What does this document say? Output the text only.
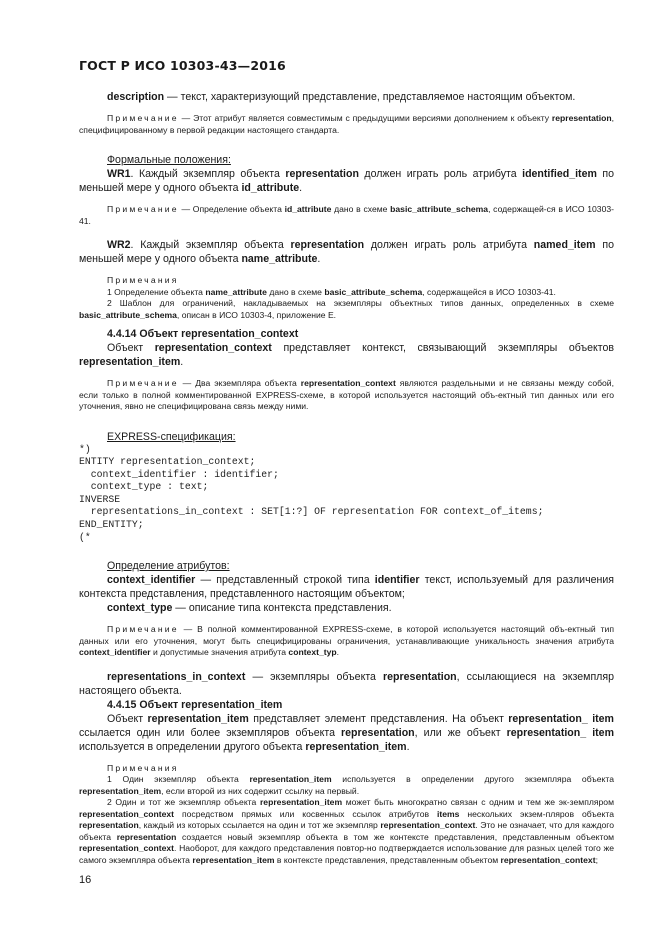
ГОСТ Р ИСО 10303-43—2016

description — текст, характеризующий представление, представляемое настоящим объектом.

Примечание — Этот атрибут является совместимым с предыдущими версиями дополнением к объекту representation, специфицированному в первой редакции настоящего стандарта.

Формальные положения:

WR1. Каждый экземпляр объекта representation должен играть роль атрибута identified_item по меньшей мере у одного объекта id_attribute.

Примечание — Определение объекта id_attribute дано в схеме basic_attribute_schema, содержащей-ся в ИСО 10303-41.

WR2. Каждый экземпляр объекта representation должен играть роль атрибута named_item по меньшей мере у одного объекта name_attribute.

Примечания

1 Определение объекта name_attribute дано в схеме basic_attribute_schema, содержащейся в ИСО 10303-41.

2 Шаблон для ограничений, накладываемых на экземпляры объектных типов данных, определенных в схеме basic_attribute_schema, описан в ИСО 10303-4, приложение Е.

4.4.14 Объект representation_context

Объект representation_context представляет контекст, связывающий экземпляры объектов representation_item.

Примечание — Два экземпляра объекта representation_context являются раздельными и не связаны между собой, если только в полной комментированной EXPRESS-схеме, в которой используется настоящий объ-ектный тип данных или его уточнения, явно не специфицирована связь между ними.

EXPRESS-спецификация:

*)
ENTITY representation_context;
context_identifier : identifier;
context_type : text;
INVERSE
representations_in_context : SET[1:?] OF representation FOR context_of_items;
END_ENTITY;
(*

Определение атрибутов:

context_identifier — представленный строкой типа identifier текст, используемый для различения контекста представления, представленного настоящим объектом;

context_type — описание типа контекста представления.

Примечание — В полной комментированной EXPRESS-схеме, в которой используется настоящий объ-ектный тип данных или его уточнения, могут быть специфицированы ограничения, устанавливающие уникальность значения атрибута context_identifier и допустимые значения атрибута context_typ.

representations_in_context — экземпляры объекта representation, ссылающиеся на экземпляр настоящего объекта.

4.4.15 Объект representation_item

Объект representation_item представляет элемент представления. На объект representation_ item ссылается один или более экземпляров объекта representation, или же объект representation_ item используется в определении другого объекта representation_item.

Примечания

1 Один экземпляр объекта representation_item используется в определении другого экземпляра объекта representation_item, если второй из них содержит ссылку на первый.

2 Один и тот же экземпляр объекта representation_item может быть многократно связан с одним и тем же эк-земпляром representation_context посредством прямых или косвенных ссылок атрибутов items нескольких экзем-пляров объекта representation, каждый из которых ссылается на один и тот же экземпляр representation_context. Это не означает, что для каждого объекта representation создается новый экземпляр объекта в том же контексте представления, представленным объектом representation_context. Наоборот, для каждого представления повтор-но подтверждается использование для разных целей того же самого экземпляра объекта representation_item в контексте представления, представленным объектом representation_context;

16
